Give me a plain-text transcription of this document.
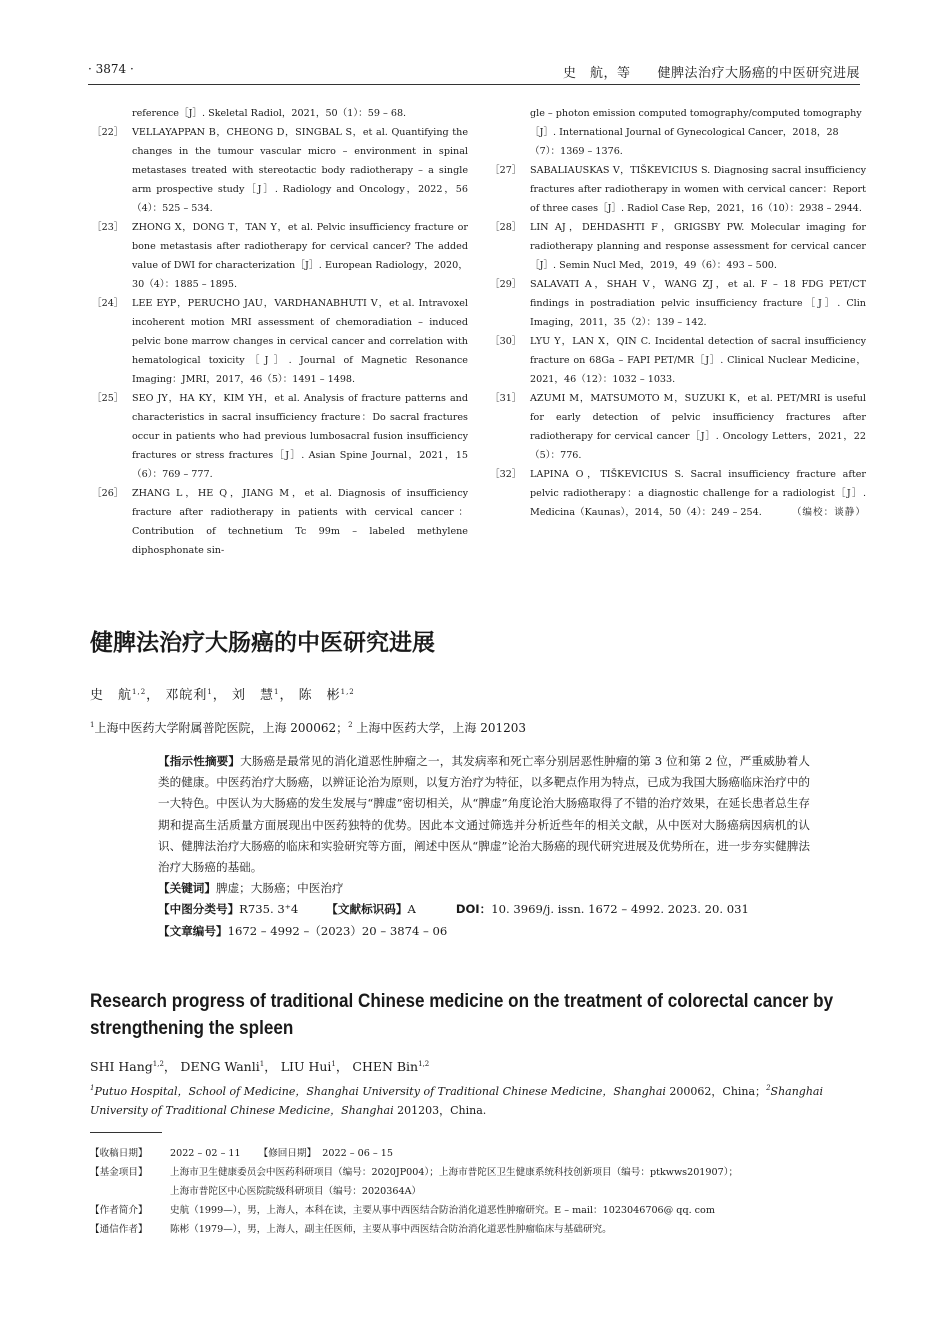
· 3874 ·	史　航，等　　健脾法治疗大肠癌的中医研究进展
reference［J］. Skeletal Radiol，2021，50（1）：59 – 68.
［22］ VELLAYAPPAN B，CHEONG D，SINGBAL S，et al. Quantifying the changes in the tumour vascular micro – environment in spinal metastases treated with stereotactic body radiotherapy – a single arm prospective study［J］. Radiology and Oncology，2022，56（4）：525 – 534.
［23］ ZHONG X，DONG T，TAN Y，et al. Pelvic insufficiency fracture or bone metastasis after radiotherapy for cervical cancer? The added value of DWI for characterization［J］. European Radiology，2020，30（4）：1885 – 1895.
［24］ LEE EYP，PERUCHO JAU，VARDHANABHUTI V，et al. Intravoxel incoherent motion MRI assessment of chemoradiation – induced pelvic bone marrow changes in cervical cancer and correlation with hematological toxicity［J］. Journal of Magnetic Resonance Imaging：JMRI，2017，46（5）：1491 – 1498.
［25］ SEO JY，HA KY，KIM YH，et al. Analysis of fracture patterns and characteristics in sacral insufficiency fracture：Do sacral fractures occur in patients who had previous lumbosacral fusion insufficiency fractures or stress fractures［J］. Asian Spine Journal，2021，15（6）：769 – 777.
［26］ ZHANG L，HE Q，JIANG M，et al. Diagnosis of insufficiency fracture after radiotherapy in patients with cervical cancer：Contribution of technetium Tc 99m – labeled methylene diphosphonate sin-
gle – photon emission computed tomography/computed tomography［J］. International Journal of Gynecological Cancer，2018，28（7）：1369 – 1376.
［27］ SABALIAUSKAS V，TIŠKEVICIUS S. Diagnosing sacral insufficiency fractures after radiotherapy in women with cervical cancer：Report of three cases［J］. Radiol Case Rep，2021，16（10）：2938 – 2944.
［28］ LIN AJ，DEHDASHTI F，GRIGSBY PW. Molecular imaging for radiotherapy planning and response assessment for cervical cancer［J］. Semin Nucl Med，2019，49（6）：493 – 500.
［29］ SALAVATI A，SHAH V，WANG ZJ，et al. F – 18 FDG PET/CT findings in postradiation pelvic insufficiency fracture［J］. Clin Imaging，2011，35（2）：139 – 142.
［30］ LYU Y，LAN X，QIN C. Incidental detection of sacral insufficiency fracture on 68Ga – FAPI PET/MR［J］. Clinical Nuclear Medicine，2021，46（12）：1032 – 1033.
［31］ AZUMI M，MATSUMOTO M，SUZUKI K，et al. PET/MRI is useful for early detection of pelvic insufficiency fractures after radiotherapy for cervical cancer［J］. Oncology Letters，2021，22（5）：776.
［32］ LAPINA O，TIŠKEVICIUS S. Sacral insufficiency fracture after pelvic radiotherapy：a diagnostic challenge for a radiologist［J］. Medicina（Kaunas），2014，50（4）：249 – 254.	（编校：谈静）
健脾法治疗大肠癌的中医研究进展
史　航$^{1,2}$， 邓皖利$^1$， 刘　慧$^1$， 陈　彬$^{1,2}$
$^1$上海中医药大学附属普陀医院，上海 200062；$^2$ 上海中医药大学，上海 201203

【指示性摘要】大肠癌是最常见的消化道恶性肿瘤之一，其发病率和死亡率分别居恶性肿瘤的第 3 位和第 2 位，严重威胁着人类的健康。中医药治疗大肠癌，以辨证论治为原则，以复方治疗为特征，以多靶点作用为特点，已成为我国大肠癌临床治疗中的一大特色。中医认为大肠癌的发生发展与“脾虚”密切相关，从“脾虚”角度论治大肠癌取得了不错的治疗效果，在延长患者总生存期和提高生活质量方面展现出中医药独特的优势。因此本文通过筛选并分析近些年的相关文献，从中医对大肠癌病因病机的认识、健脾法治疗大肠癌的临床和实验研究等方面，阐述中医从“脾虚”论治大肠癌的现代研究进展及优势所在，进一步夯实健脾法治疗大肠癌的基础。

【关键词】脾虚；大肠癌；中医治疗

【中图分类号】R735. 3⁺4 【文献标识码】A	DOI：10. 3969/j. issn. 1672 – 4992. 2023. 20. 031

【文章编号】1672 – 4992 –（2023）20 – 3874 – 06

Research progress of traditional Chinese medicine on the treatment of colorectal cancer by strengthening the spleen
SHI Hang$^{1,2}$， DENG Wanli$^1$， LIU Hui$^1$， CHEN Bin$^{1,2}$
$^1$Putuo Hospital，School of Medicine，Shanghai University of Traditional Chinese Medicine，Shanghai 200062，China；$^2$Shanghai University of Traditional Chinese Medicine，Shanghai 201203，China.
【收稿日期】	2022 – 02 – 11 【修回日期】 2022 – 06 – 15
【基金项目】	上海市卫生健康委员会中医药科研项目（编号：2020JP004）；上海市普陀区卫生健康系统科技创新项目（编号：ptkwws201907）；
上海市普陀区中心医院院级科研项目（编号：2020364A）
【作者简介】	史航（1999—），男，上海人，本科在读，主要从事中西医结合防治消化道恶性肿瘤研究。E – mail：1023046706@ qq. com
【通信作者】	陈彬（1979—），男，上海人，副主任医师，主要从事中西医结合防治消化道恶性肿瘤临床与基础研究。
